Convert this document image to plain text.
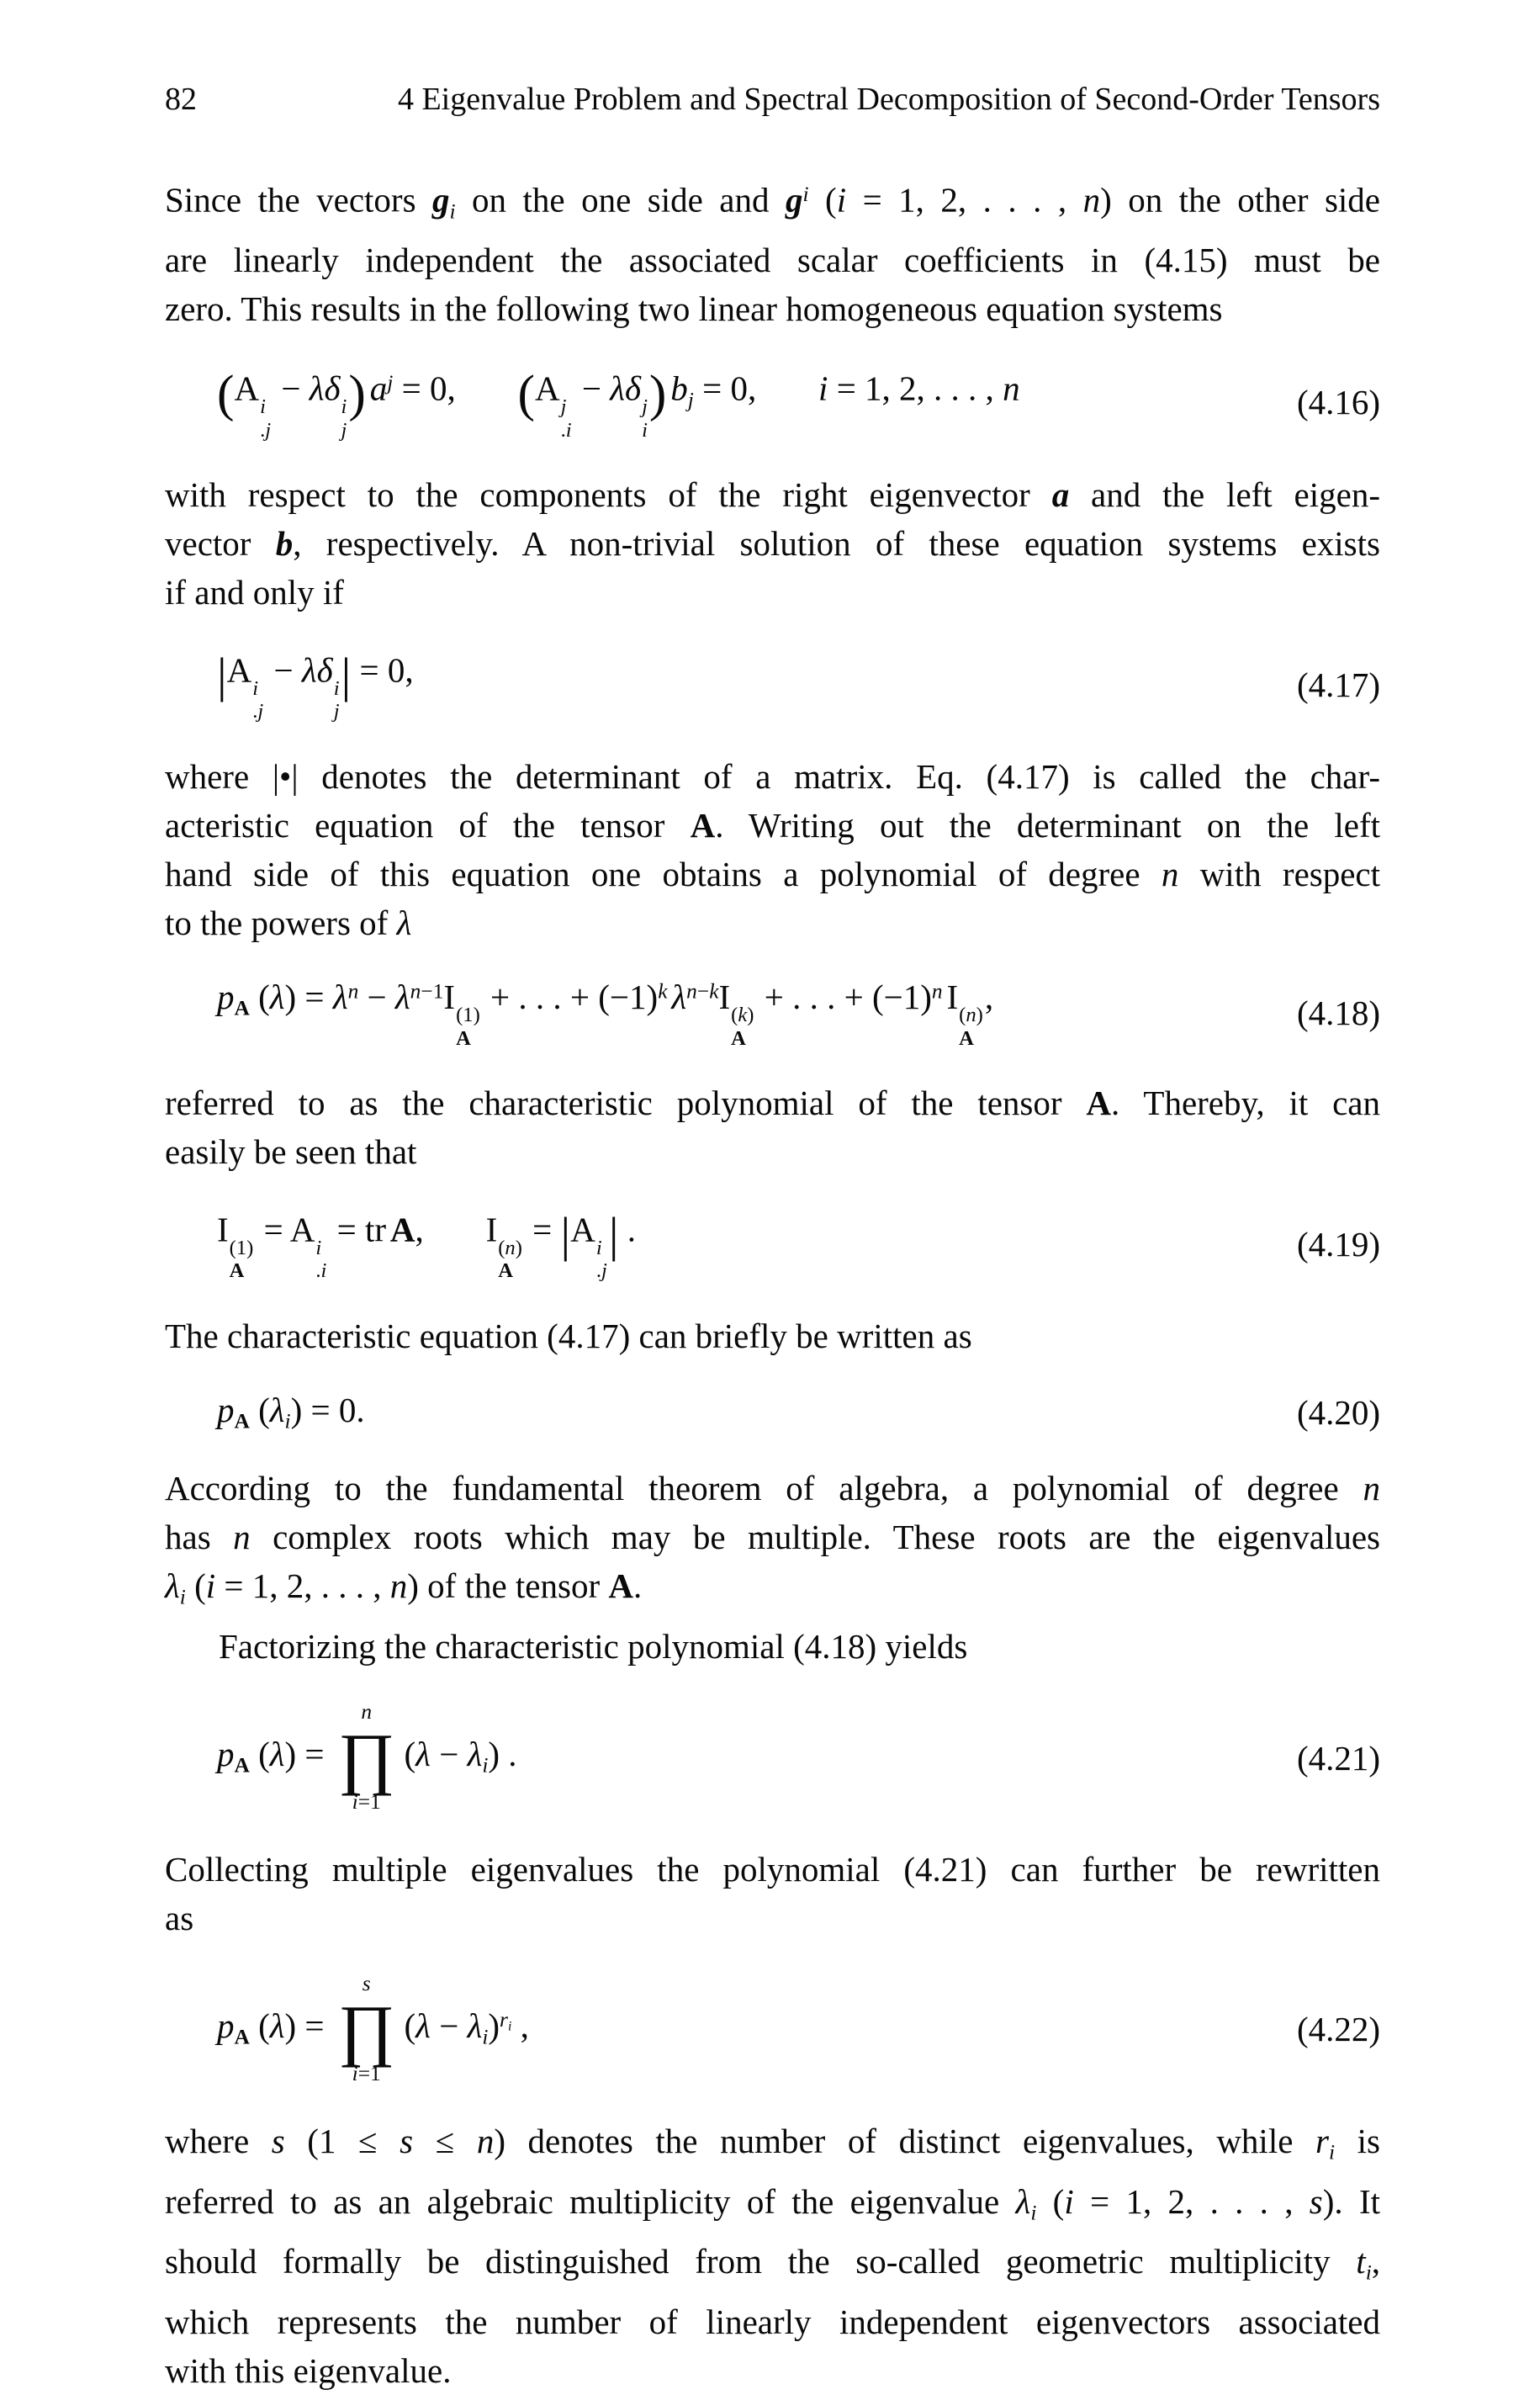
82	4 Eigenvalue Problem and Spectral Decomposition of Second-Order Tensors
Since the vectors $g_i$ on the one side and $g^i$ (i = 1, 2, . . . , n) on the other side
are linearly independent the associated scalar coefficients in (4.15) must be
zero. This results in the following two linear homogeneous equation systems
(A i
.j
− λδ i
j
) $a^j = 0$, (A j
.i
− λδ j
i
) $b_j = 0$, i = 1, 2, . . . , n	(4.16)
with respect to the components of the right eigenvector a and the left eigen-
vector b, respectively. A non-trivial solution of these equation systems exists
if and only if
|A i
.j
− λδ i
j
| = 0,	(4.17)
where |•| denotes the determinant of a matrix. Eq. (4.17) is called the char-
acteristic equation of the tensor A. Writing out the determinant on the left
hand side of this equation one obtains a polynomial of degree n with respect
to the powers of λ
$p_A$ $(\lambda) = \lambda^n - \lambda^{n-1}I$ (1)
A
+ . . . + $(-1)^k$ $\lambda^{n-k}I$ (k)
A
+ . . . + $(-1)^n$ I (n)
A
,	(4.18)
referred to as the characteristic polynomial of the tensor A. Thereby, it can
easily be seen that
I (1)
A
= A i
.i
= tr A, I (n)
A
= |A i
.j
| .	(4.19)
The characteristic equation (4.17) can briefly be written as
$p_A$ $(\lambda_i) = 0$.	(4.20)
According to the fundamental theorem of algebra, a polynomial of degree n
has n complex roots which may be multiple. These roots are the eigenvalues
$\lambda_i$ (i = 1, 2, . . . , n) of the tensor A.
Factorizing the characteristic polynomial (4.18) yields
$p_A$ (λ) =
n
∏
i=1
$(\lambda - \lambda_i)$ .	(4.21)
Collecting multiple eigenvalues the polynomial (4.21) can further be rewritten
as
$p_A$ (λ) =
s
∏
i=1
$(\lambda - \lambda_i)^{r_i}$ ,	(4.22)
where s (1 ≤ s ≤ n) denotes the number of distinct eigenvalues, while $r_i$ is
referred to as an algebraic multiplicity of the eigenvalue $\lambda_i$ (i = 1, 2, . . . , s). It
should formally be distinguished from the so-called geometric multiplicity $t_i$,
which represents the number of linearly independent eigenvectors associated
with this eigenvalue.
